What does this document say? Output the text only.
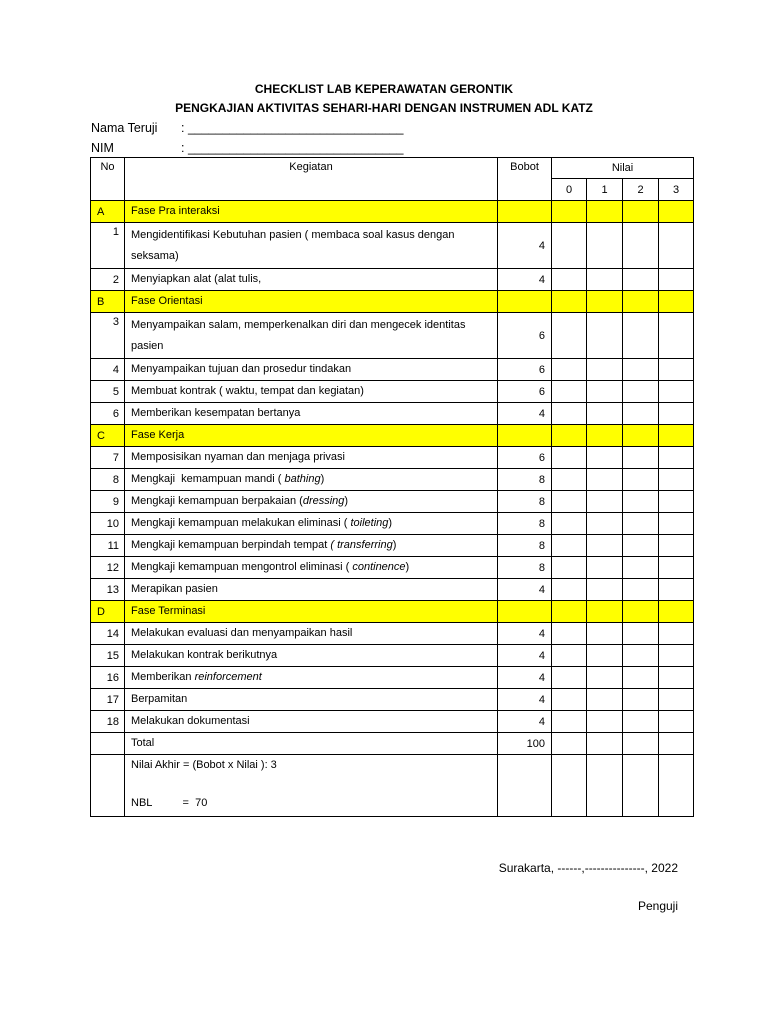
CHECKLIST LAB KEPERAWATAN GERONTIK
PENGKAJIAN AKTIVITAS SEHARI-HARI DENGAN INSTRUMEN ADL KATZ
Nama Teruji : _______________________________
NIM	: _______________________________
No	Kegiatan	Bobot	Nilai			
			0	1	2	3
A	Fase Pra interaksi					
1	Mengidentifikasi Kebutuhan pasien ( membaca soal kasus dengan seksama)	4				
2	Menyiapkan alat (alat tulis,	4				
B	Fase Orientasi					
3	Menyampaikan salam, memperkenalkan diri dan mengecek identitas pasien	6				
4	Menyampaikan tujuan dan prosedur tindakan	6				
5	Membuat kontrak ( waktu, tempat dan kegiatan)	6				
6	Memberikan kesempatan bertanya	4				
C	Fase Kerja					
7	Memposisikan nyaman dan menjaga privasi	6				
8	Mengkaji  kemampuan mandi ( bathing)	8				
9	Mengkaji kemampuan berpakaian (dressing)	8				
10	Mengkaji kemampuan melakukan eliminasi ( toileting)	8				
11	Mengkaji kemampuan berpindah tempat ( transferring)	8				
12	Mengkaji kemampuan mengontrol eliminasi ( continence)	8				
13	Merapikan pasien	4				
D	Fase Terminasi					
14	Melakukan evaluasi dan menyampaikan hasil	4				
15	Melakukan kontrak berikutnya	4				
16	Memberikan reinforcement	4				
17	Berpamitan	4				
18	Melakukan dokumentasi	4				
	Total	100				

	Nilai Akhir = (Bobot x Nilai ): 3
NBL          =  70					

Surakarta, ------,---------------, 2022
Penguji
